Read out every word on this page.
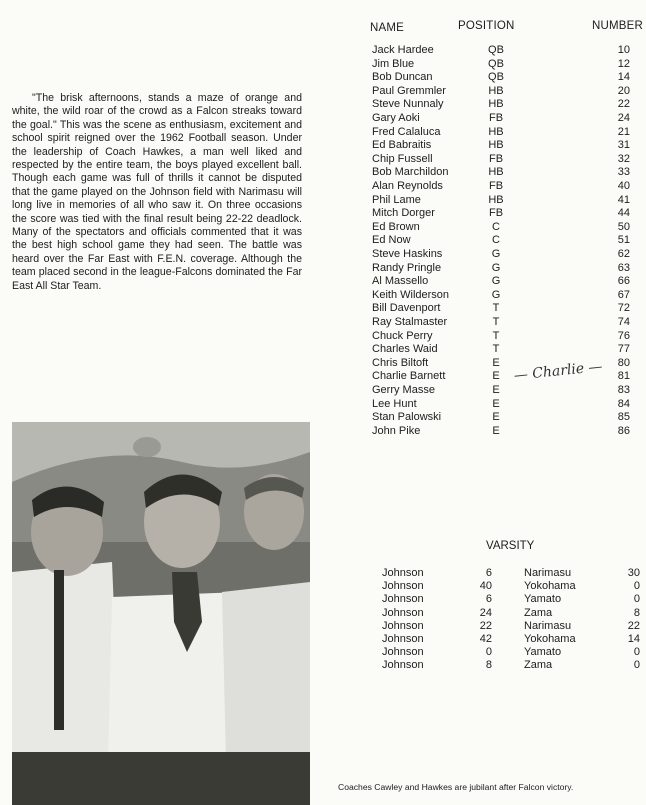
"The brisk afternoons, stands a maze of orange and white, the wild roar of the crowd as a Falcon streaks toward the goal." This was the scene as enthusiasm, excitement and school spirit reigned over the 1962 Football season. Under the leadership of Coach Hawkes, a man well liked and respected by the entire team, the boys played excellent ball. Though each game was full of thrills it cannot be disputed that the game played on the Johnson field with Narimasu will long live in memories of all who saw it. On three occasions the score was tied with the final result being 22-22 deadlock. Many of the spectators and officials commented that it was the best high school game they had seen. The battle was heard over the Far East with F.E.N. coverage. Although the team placed second in the league-Falcons dominated the Far East All Star Team.

NAME	POSITION	NUMBER
Jack Hardee	QB	10
Jim Blue	QB	12
Bob Duncan	QB	14
Paul Gremmler	HB	20
Steve Nunnaly	HB	22
Gary Aoki	FB	24
Fred Calaluca	HB	21
Ed Babraitis	HB	31
Chip Fussell	FB	32
Bob Marchildon	HB	33
Alan Reynolds	FB	40
Phil Lame	HB	41
Mitch Dorger	FB	44
Ed Brown	C	50
Ed Now	C	51
Steve Haskins	G	62
Randy Pringle	G	63
Al Massello	G	66
Keith Wilderson	G	67
Bill Davenport	T	72
Ray Stalmaster	T	74
Chuck Perry	T	76
Charles Waid	T	77
Chris Biltoft	E	80
Charlie Barnett	E	81
Gerry Masse	E	83
Lee Hunt	E	84
Stan Palowski	E	85
John Pike	E	86
— Charlie —
VARSITY
Johnson	6	Narimasu	30
Johnson	40	Yokohama	0
Johnson	6	Yamato	0
Johnson	24	Zama	8
Johnson	22	Narimasu	22
Johnson	42	Yokohama	14
Johnson	0	Yamato	0
Johnson	8	Zama	0
Coaches Cawley and Hawkes are jubilant after Falcon victory.
